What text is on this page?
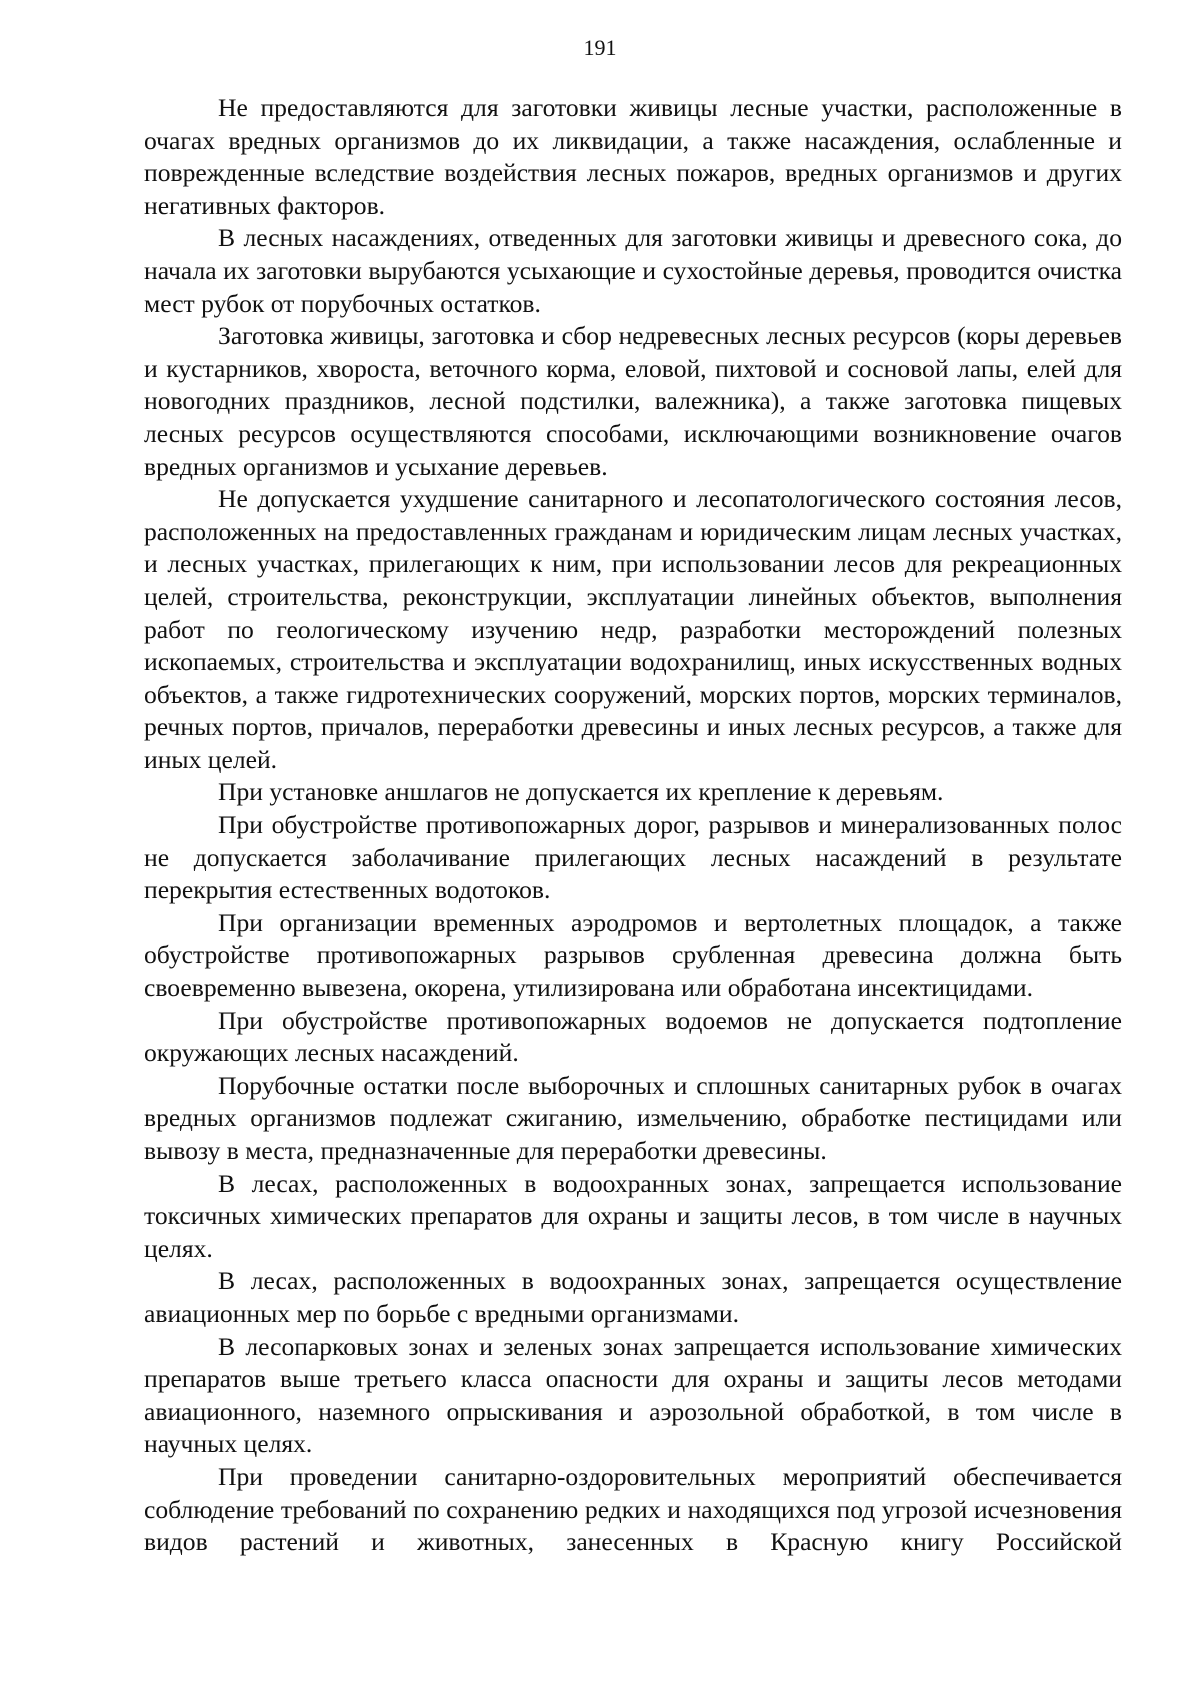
191

Не предоставляются для заготовки живицы лесные участки, расположенные в очагах вредных организмов до их ликвидации, а также насаждения, ослабленные и поврежденные вследствие воздействия лесных пожаров, вредных организмов и других негативных факторов.

В лесных насаждениях, отведенных для заготовки живицы и древесного сока, до начала их заготовки вырубаются усыхающие и сухостойные деревья, проводится очистка мест рубок от порубочных остатков.

Заготовка живицы, заготовка и сбор недревесных лесных ресурсов (коры деревьев и кустарников, хвороста, веточного корма, еловой, пихтовой и сосновой лапы, елей для новогодних праздников, лесной подстилки, валежника), а также заготовка пищевых лесных ресурсов осуществляются способами, исключающими возникновение очагов вредных организмов и усыхание деревьев.

Не допускается ухудшение санитарного и лесопатологического состояния лесов, расположенных на предоставленных гражданам и юридическим лицам лесных участках, и лесных участках, прилегающих к ним, при использовании лесов для рекреационных целей, строительства, реконструкции, эксплуатации линейных объектов, выполнения работ по геологическому изучению недр, разработки месторождений полезных ископаемых, строительства и эксплуатации водохранилищ, иных искусственных водных объектов, а также гидротехнических сооружений, морских портов, морских терминалов, речных портов, причалов, переработки древесины и иных лесных ресурсов, а также для иных целей.

При установке аншлагов не допускается их крепление к деревьям.

При обустройстве противопожарных дорог, разрывов и минерализованных полос не допускается заболачивание прилегающих лесных насаждений в результате перекрытия естественных водотоков.

При организации временных аэродромов и вертолетных площадок, а также обустройстве противопожарных разрывов срубленная древесина должна быть своевременно вывезена, окорена, утилизирована или обработана инсектицидами.

При обустройстве противопожарных водоемов не допускается подтопление окружающих лесных насаждений.

Порубочные остатки после выборочных и сплошных санитарных рубок в очагах вредных организмов подлежат сжиганию, измельчению, обработке пестицидами или вывозу в места, предназначенные для переработки древесины.

В лесах, расположенных в водоохранных зонах, запрещается использование токсичных химических препаратов для охраны и защиты лесов, в том числе в научных целях.

В лесах, расположенных в водоохранных зонах, запрещается осуществление авиационных мер по борьбе с вредными организмами.

В лесопарковых зонах и зеленых зонах запрещается использование химических препаратов выше третьего класса опасности для охраны и защиты лесов методами авиационного, наземного опрыскивания и аэрозольной обработкой, в том числе в научных целях.

При проведении санитарно-оздоровительных мероприятий обеспечивается соблюдение требований по сохранению редких и находящихся под угрозой исчезновения видов растений и животных, занесенных в Красную книгу Российской
